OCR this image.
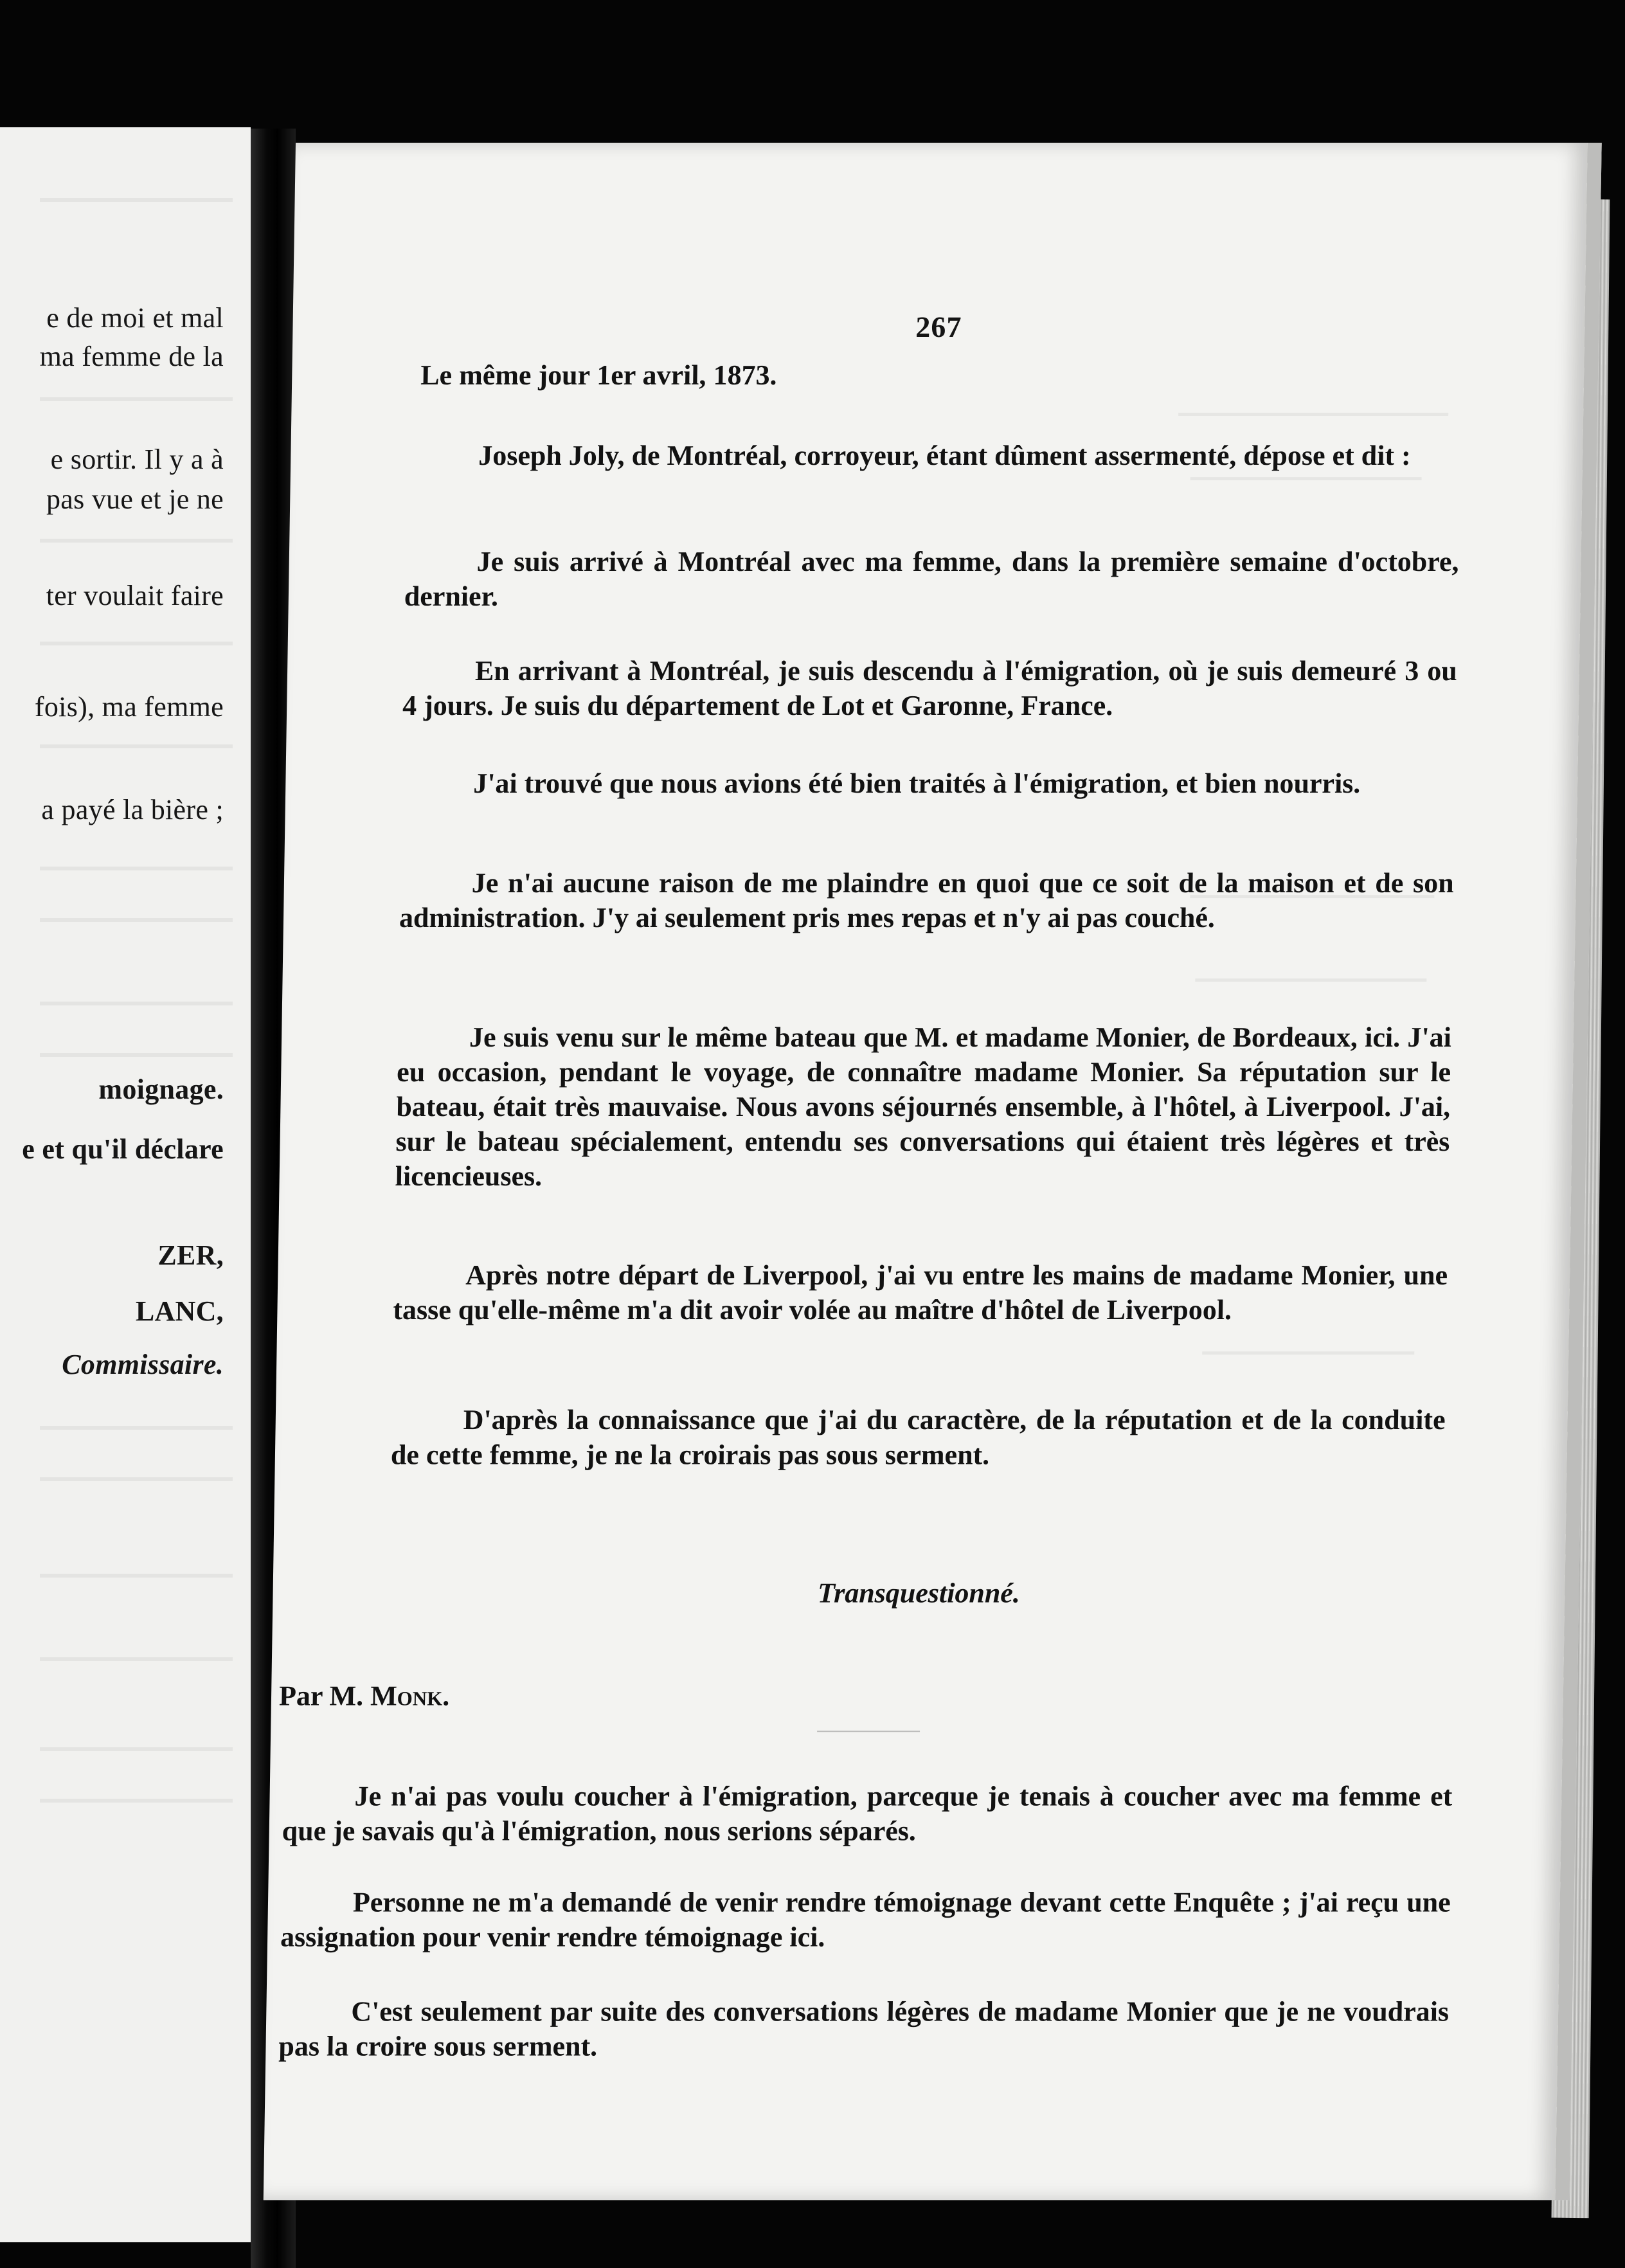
e de moi et mal
ma femme de la
e sortir. Il y a à
pas vue et je ne
ter voulait faire
fois), ma femme
a payé la bière ;
moignage.
e et qu'il déclare
ZER,
LANC,
Commissaire.
267
Le même jour 1er avril, 1873.
Joseph Joly, de Montréal, corroyeur, étant dûment assermenté, dépose et dit :
Je suis arrivé à Montréal avec ma femme, dans la première semaine d'octobre, dernier.
En arrivant à Montréal, je suis descendu à l'émigration, où je suis demeuré 3 ou 4 jours. Je suis du département de Lot et Garonne, France.
J'ai trouvé que nous avions été bien traités à l'émigration, et bien nourris.
Je n'ai aucune raison de me plaindre en quoi que ce soit de la maison et de son administration. J'y ai seulement pris mes repas et n'y ai pas couché.
Je suis venu sur le même bateau que M. et madame Monier, de Bordeaux, ici. J'ai eu occasion, pendant le voyage, de connaître madame Monier. Sa réputation sur le bateau, était très mauvaise. Nous avons séjournés ensemble, à l'hôtel, à Liverpool. J'ai, sur le bateau spécialement, entendu ses conversations qui étaient très légères et très licencieuses.
Après notre départ de Liverpool, j'ai vu entre les mains de madame Monier, une tasse qu'elle-même m'a dit avoir volée au maître d'hôtel de Liverpool.
D'après la connaissance que j'ai du caractère, de la réputation et de la conduite de cette femme, je ne la croirais pas sous serment.
Transquestionné.
Par M. Monk.
Je n'ai pas voulu coucher à l'émigration, parceque je tenais à coucher avec ma femme et que je savais qu'à l'émigration, nous serions séparés.
Personne ne m'a demandé de venir rendre témoignage devant cette Enquête ; j'ai reçu une assignation pour venir rendre témoignage ici.
C'est seulement par suite des conversations légères de madame Monier que je ne voudrais pas la croire sous serment.
